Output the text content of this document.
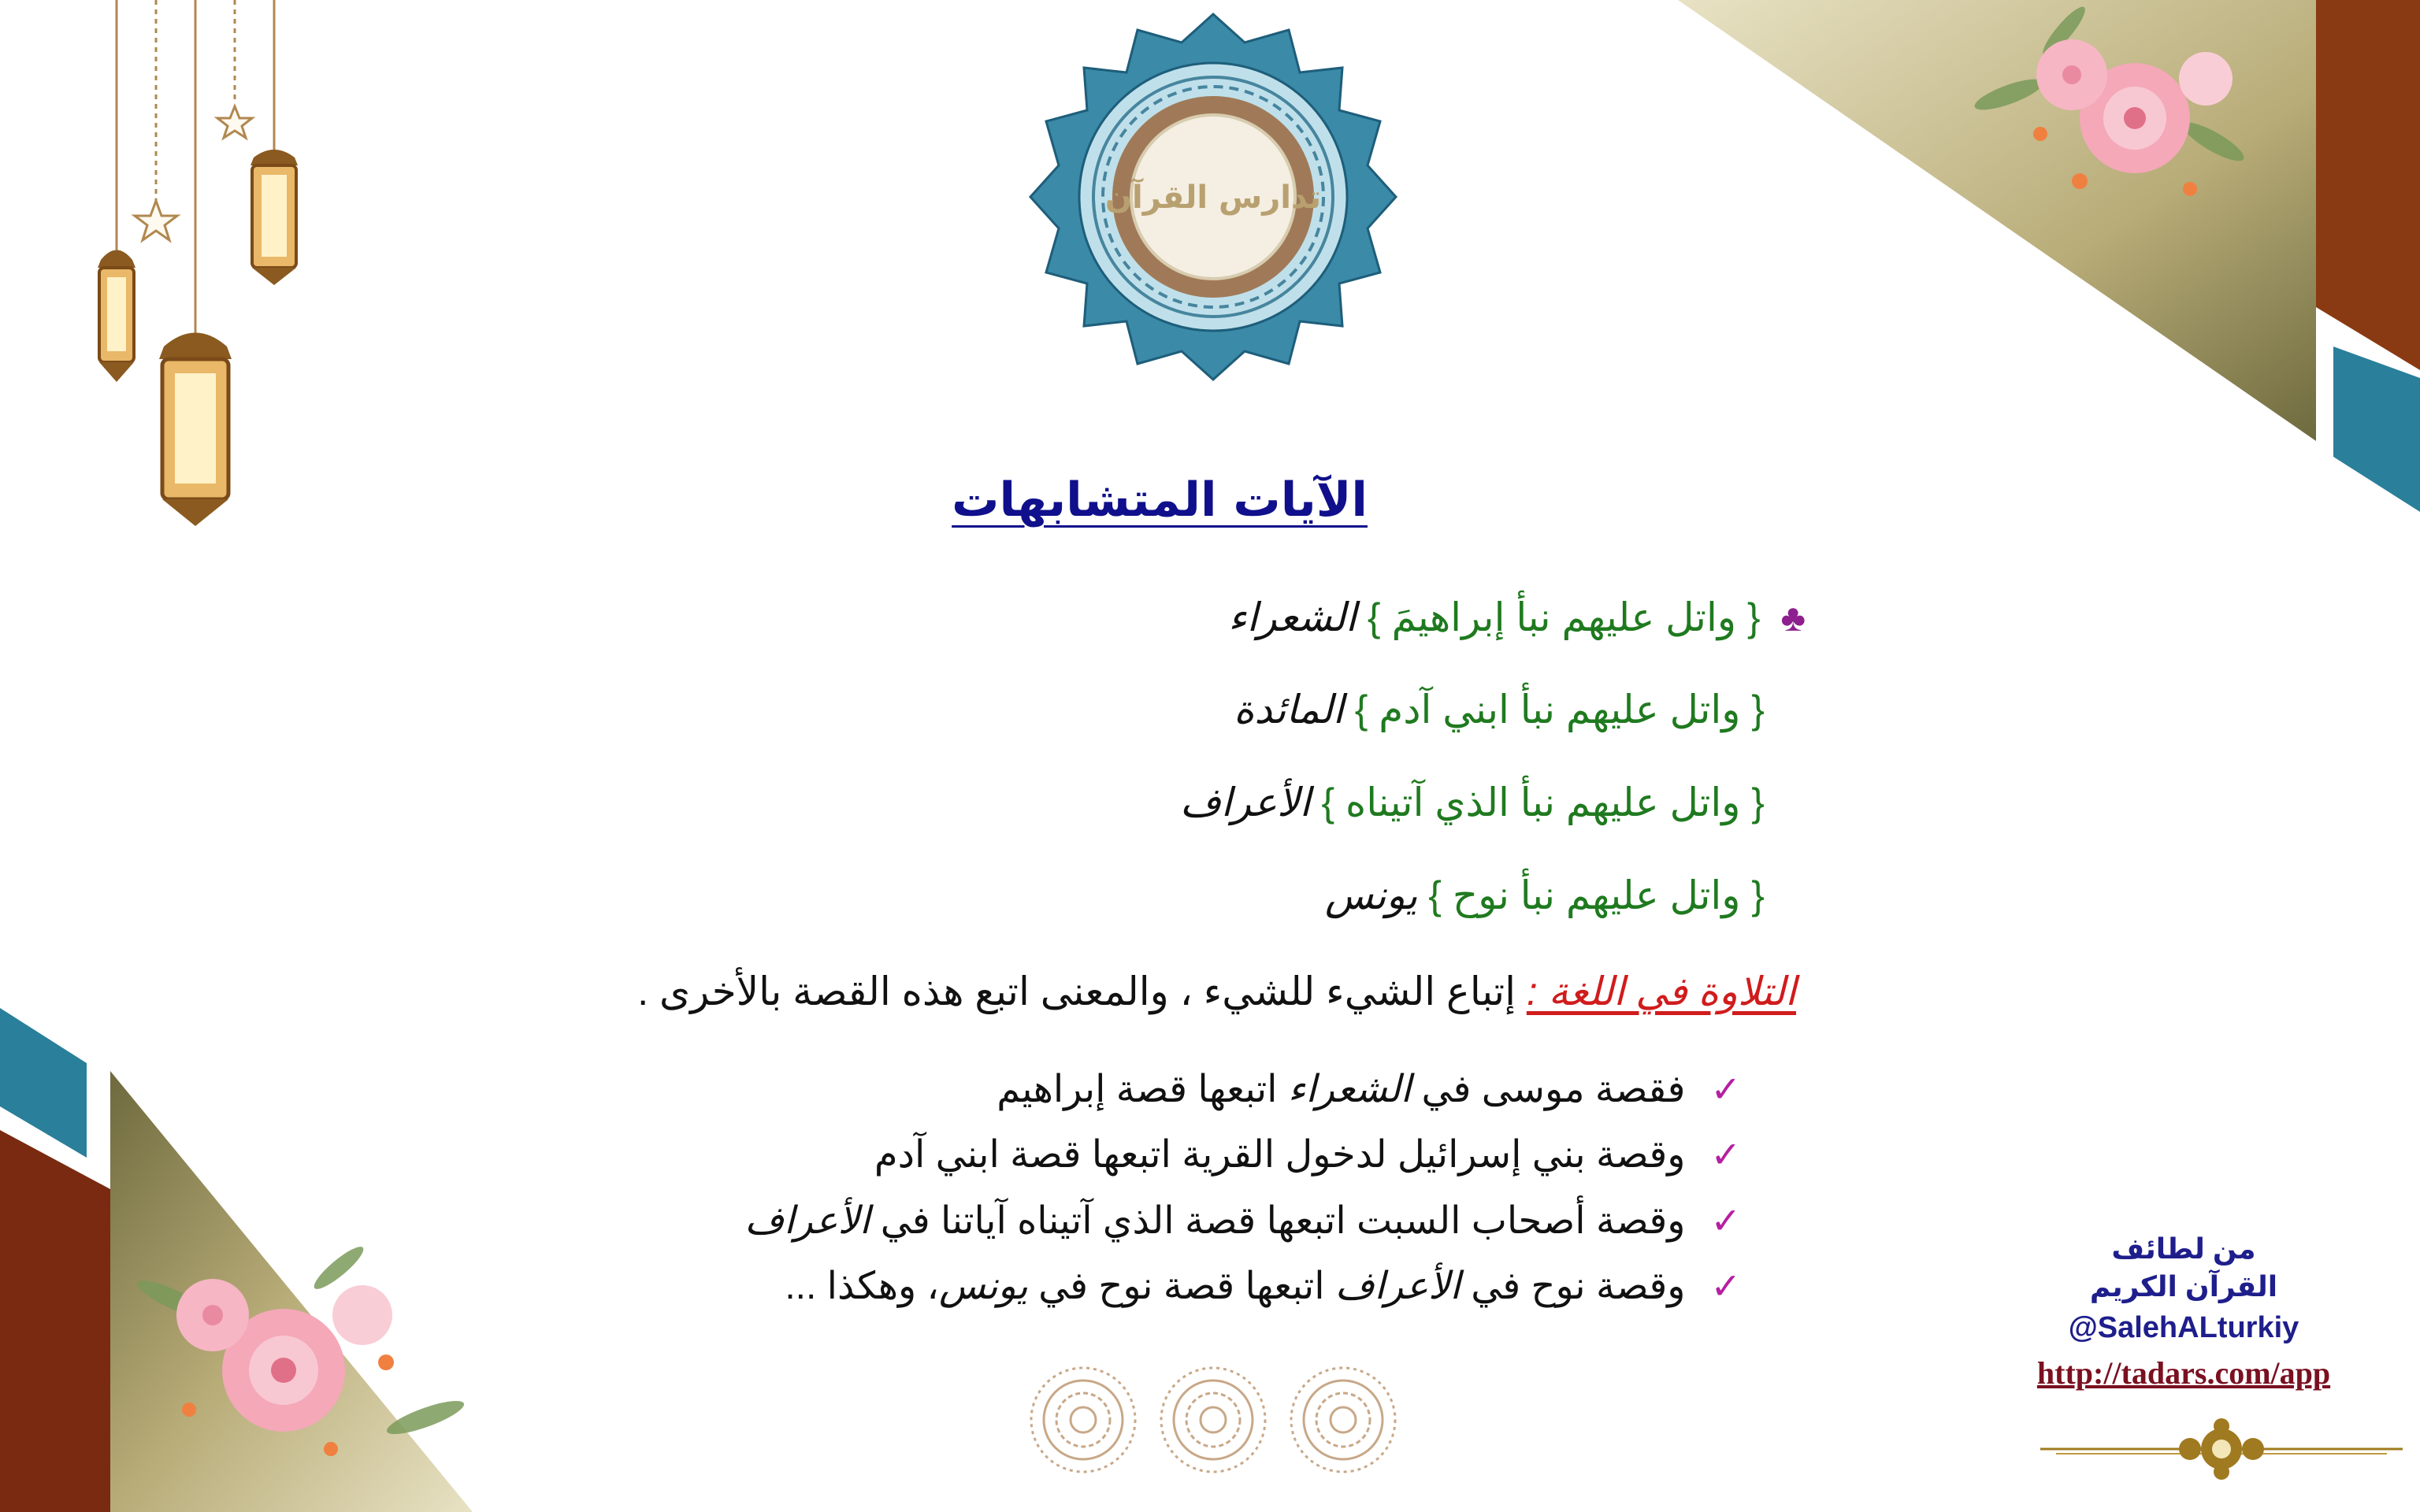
تدارس القرآن
الآيات المتشابهات
♣ { واتل عليهم نبأ إبراهيمَ } الشعراء
{ واتل عليهم نبأ ابني آدم } المائدة
{ واتل عليهم نبأ الذي آتيناه } الأعراف
{ واتل عليهم نبأ نوح } يونس
التلاوة في اللغة : إتباع الشيء للشيء ، والمعنى اتبع هذه القصة بالأخرى .
✓فقصة موسى في الشعراء اتبعها قصة إبراهيم
✓وقصة بني إسرائيل لدخول القرية اتبعها قصة ابني آدم
✓وقصة أصحاب السبت اتبعها قصة الذي آتيناه آياتنا في الأعراف
✓وقصة نوح في الأعراف اتبعها قصة نوح في يونس، وهكذا ...
من لطائف
القرآن الكريم
@SalehALturkiy
http://tadars.com/app
